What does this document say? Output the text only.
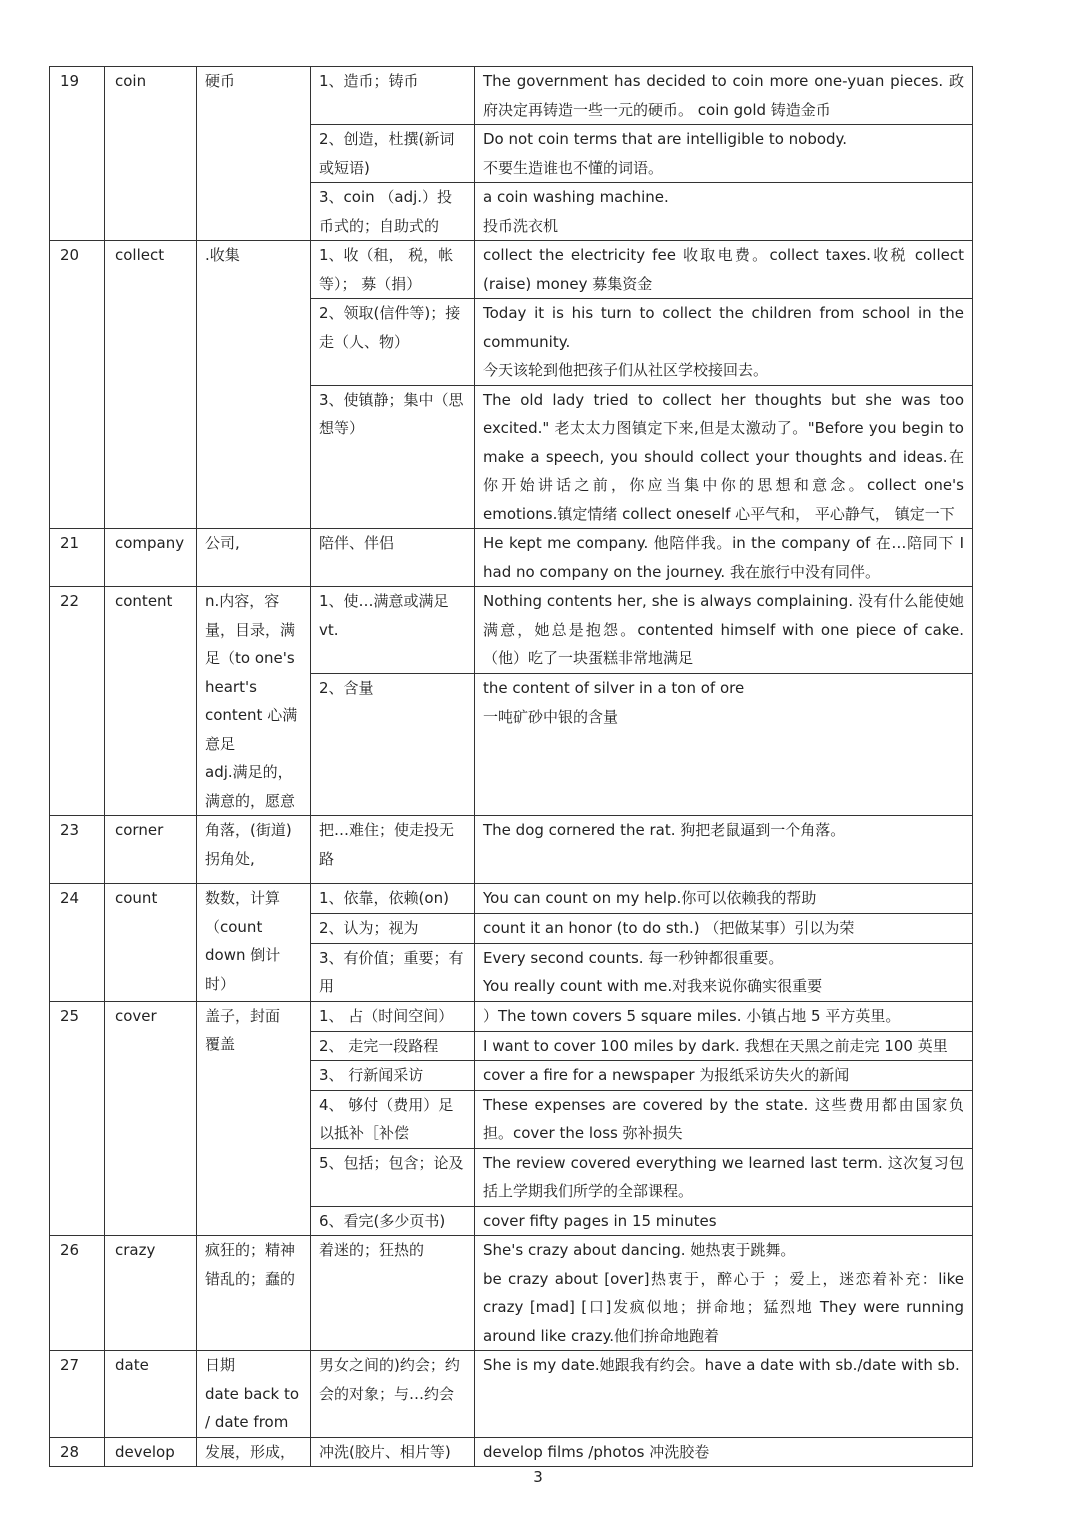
19	coin	硬币	1、造币；铸币	The government has decided to coin more one-yuan pieces. 政府决定再铸造一些一元的硬币。 coin gold 铸造金币
			2、创造，杜撰(新词或短语)	Do not coin terms that are intelligible to nobody.
不要生造谁也不懂的词语。
			3、coin （adj.）投币式的；自助式的	a coin washing machine.
投币洗衣机
20	collect	.收集	1、收（租， 税，帐等）； 募（捐）	collect the electricity fee 收取电费。collect taxes.收税 collect (raise) money 募集资金
			2、领取(信件等)；接走（人、物）	Today it is his turn to collect the children from school in the community.
今天该轮到他把孩子们从社区学校接回去。
			3、使镇静；集中（思想等）	The old lady tried to collect her thoughts but she was too excited." 老太太力图镇定下来,但是太激动了。"Before you begin to make a speech, you should collect your thoughts and ideas.在你开始讲话之前，你应当集中你的思想和意念。collect one's emotions.镇定情绪 collect oneself 心平气和， 平心静气， 镇定一下
21	company	公司,	陪伴、伴侣	He kept me company. 他陪伴我。in the company of 在…陪同下 I had no company on the journey. 我在旅行中没有同伴。
22	content	n.内容，容量，目录，满足（to one's heart's content 心满意足
adj.满足的，满意的，愿意	1、使…满意或满足 vt.	Nothing contents her, she is always complaining. 没有什么能使她满意，她总是抱怨。contented himself with one piece of cake.（他）吃了一块蛋糕非常地满足
			2、含量	the content of silver in a ton of ore
一吨矿砂中银的含量
23	corner	角落，(街道)拐角处,	把…难住；使走投无路	The dog cornered the rat. 狗把老鼠逼到一个角落。
24	count	数数，计算（count down 倒计时）	1、依靠，依赖(on)	You can count on my help.你可以依赖我的帮助
			2、认为；视为	count it an honor (to do sth.) （把做某事）引以为荣
			3、有价值；重要；有用	Every second counts. 每一秒钟都很重要。
You really count with me.对我来说你确实很重要
25	cover	盖子，封面
覆盖	1、 占（时间空间）	）The town covers 5 square miles. 小镇占地 5 平方英里。
			2、 走完一段路程	I want to cover 100 miles by dark. 我想在天黑之前走完 100 英里
			3、 行新闻采访	cover a fire for a newspaper 为报纸采访失火的新闻
			4、 够付（费用）足以抵补［补偿	These expenses are covered by the state. 这些费用都由国家负担。cover the loss 弥补损失
			5、包括；包含；论及	The review covered everything we learned last term. 这次复习包括上学期我们所学的全部课程。
			6、看完(多少页书)	cover fifty pages in 15 minutes
26	crazy	疯狂的；精神错乱的；蠢的	着迷的；狂热的	She's crazy about dancing. 她热衷于跳舞。
be crazy about [over]热衷于，醉心于 ；爱上，迷恋着补充：like crazy [mad] [口]发疯似地；拼命地；猛烈地 They were running around like crazy.他们拚命地跑着
27	date	日期
date back to / date from	男女之间的)约会；约会的对象；与…约会	She is my date.她跟我有约会。have a date with sb./date with sb.
28	develop	发展，形成，	冲洗(胶片、相片等)	develop films /photos 冲洗胶卷
3
